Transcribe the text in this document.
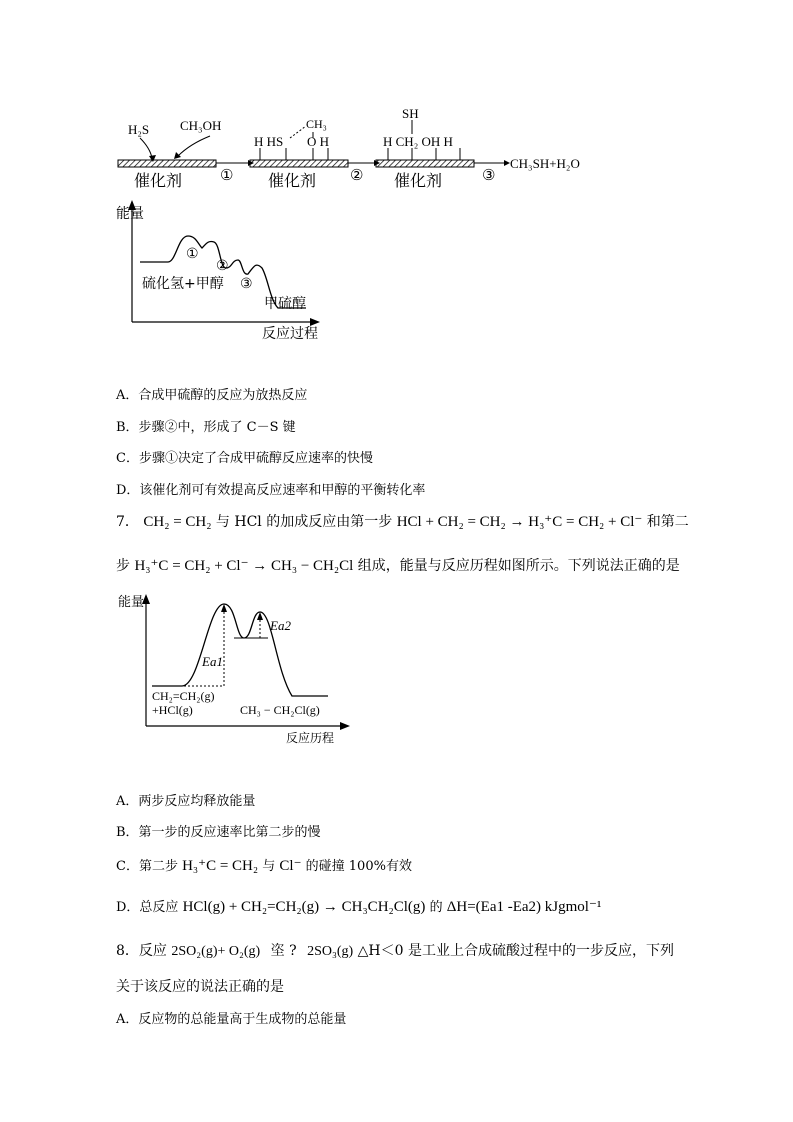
H₂S CH₃OH
H HS
CH₃
O H
SH
H CH₂ OH H
催化剂	催化剂	催化剂
①	②	③
CH₃SH+H₂O
能量
硫化氢+甲醇
甲硫醇
反应过程
①
②
③
A．合成甲硫醇的反应为放热反应
B．步骤②中，形成了 C－S 键
C．步骤①决定了合成甲硫醇反应速率的快慢
D．该催化剂可有效提高反应速率和甲醇的平衡转化率
7． CH₂ = CH₂ 与 HCl 的加成反应由第一步 HCl + CH₂ = CH₂ → H₃⁺C = CH₂ + Cl⁻ 和第二
步 H₃⁺C = CH₂ + Cl⁻ → CH₃ − CH₂Cl 组成，能量与反应历程如图所示。下列说法正确的是
能量
Ea1
Ea2
CH₂=CH₂(g)
+HCl(g)	CH₃ − CH₂Cl(g)
反应历程
A．两步反应均释放能量
B．第一步的反应速率比第二步的慢
C．第二步 H₃⁺C = CH₂ 与 Cl⁻ 的碰撞 100%有效
D．总反应 HCl(g) + CH₂=CH₂(g) → CH₃CH₂Cl(g) 的 ΔH=(Ea1 -Ea2) kJgmol⁻¹
8．反应 2SO₂(g)+ O₂(g) 垐 ? 2SO₃(g) △H＜0 是工业上合成硫酸过程中的一步反应，下列
关于该反应的说法正确的是
A．反应物的总能量高于生成物的总能量
